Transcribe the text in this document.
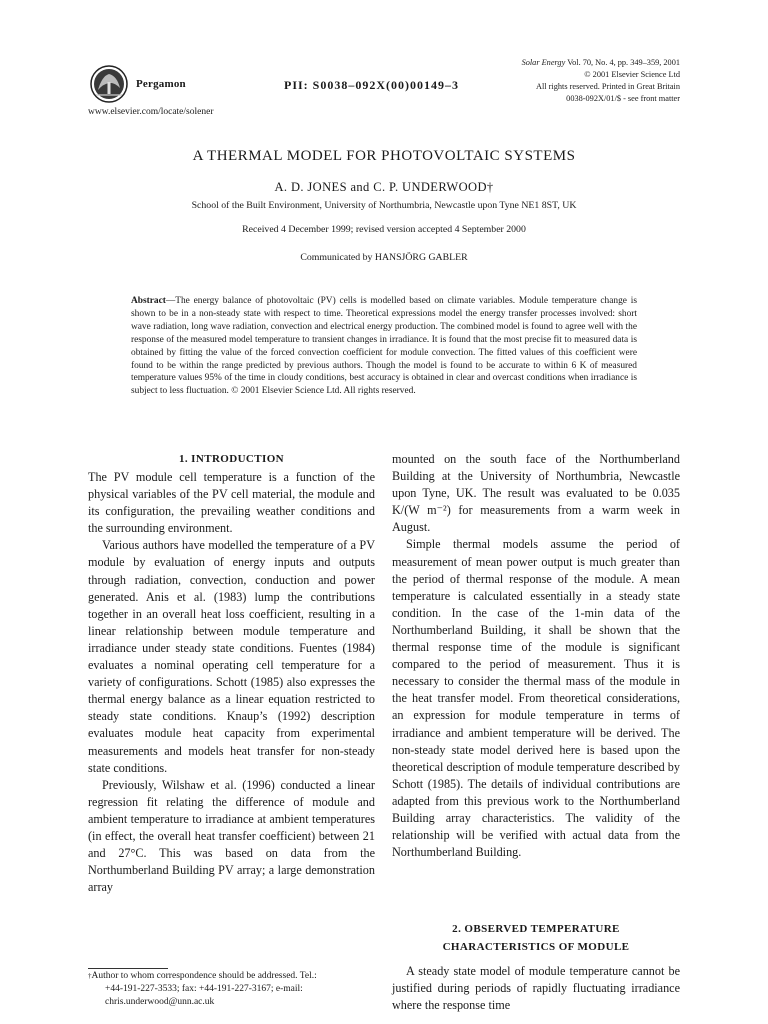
Pergamon	PII: S0038–092X(00)00149–3
Solar Energy Vol. 70, No. 4, pp. 349–359, 2001
© 2001 Elsevier Science Ltd
All rights reserved. Printed in Great Britain
0038-092X/01/$ - see front matter
www.elsevier.com/locate/solener
A THERMAL MODEL FOR PHOTOVOLTAIC SYSTEMS
A. D. JONES and C. P. UNDERWOOD†
School of the Built Environment, University of Northumbria, Newcastle upon Tyne NE1 8ST, UK
Received 4 December 1999; revised version accepted 4 September 2000
Communicated by HANSJÖRG GABLER
Abstract—The energy balance of photovoltaic (PV) cells is modelled based on climate variables. Module temperature change is shown to be in a non-steady state with respect to time. Theoretical expressions model the energy transfer processes involved: short wave radiation, long wave radiation, convection and electrical energy production. The combined model is found to agree well with the response of the measured model temperature to transient changes in irradiance. It is found that the most precise fit to measured data is obtained by fitting the value of the forced convection coefficient for module convection. The fitted values of this coefficient were found to be within the range predicted by previous authors. Though the model is found to be accurate to within 6 K of measured temperature values 95% of the time in cloudy conditions, best accuracy is obtained in clear and overcast conditions when irradiance is subject to less fluctuation. © 2001 Elsevier Science Ltd. All rights reserved.
1. INTRODUCTION

The PV module cell temperature is a function of the physical variables of the PV cell material, the module and its configuration, the prevailing weather conditions and the surrounding environment.

Various authors have modelled the temperature of a PV module by evaluation of energy inputs and outputs through radiation, convection, conduction and power generated. Anis et al. (1983) lump the contributions together in an overall heat loss coefficient, resulting in a linear relationship between module temperature and irradiance under steady state conditions. Fuentes (1984) evaluates a nominal operating cell temperature for a variety of configurations. Schott (1985) also expresses the thermal energy balance as a linear equation restricted to steady state conditions. Knaup’s (1992) description evaluates module heat capacity from experimental measurements and models heat transfer for non-steady state conditions.

Previously, Wilshaw et al. (1996) conducted a linear regression fit relating the difference of module and ambient temperature to irradiance at ambient temperatures (in effect, the overall heat transfer coefficient) between 21 and 27°C. This was based on data from the Northumberland Building PV array; a large demonstration array

mounted on the south face of the Northumberland Building at the University of Northumbria, Newcastle upon Tyne, UK. The result was evaluated to be 0.035 K/(W m⁻²) for measurements from a warm week in August.

Simple thermal models assume the period of measurement of mean power output is much greater than the period of thermal response of the module. A mean temperature is calculated essentially in a steady state condition. In the case of the 1-min data of the Northumberland Building, it shall be shown that the thermal response time of the module is significant compared to the period of measurement. Thus it is necessary to consider the thermal mass of the module in the heat transfer model. From theoretical considerations, an expression for module temperature in terms of irradiance and ambient temperature will be derived. The non-steady state model derived here is based upon the theoretical description of module temperature described by Schott (1985). The details of individual contributions are adapted from this previous work to the Northumberland Building array characteristics. The validity of the relationship will be verified with actual data from the Northumberland Building.

2. OBSERVED TEMPERATURE
CHARACTERISTICS OF MODULE

A steady state model of module temperature cannot be justified during periods of rapidly fluctuating irradiance where the response time

†Author to whom correspondence should be addressed. Tel.:
+44-191-227-3533; fax: +44-191-227-3167; e-mail:
chris.underwood@unn.ac.uk
